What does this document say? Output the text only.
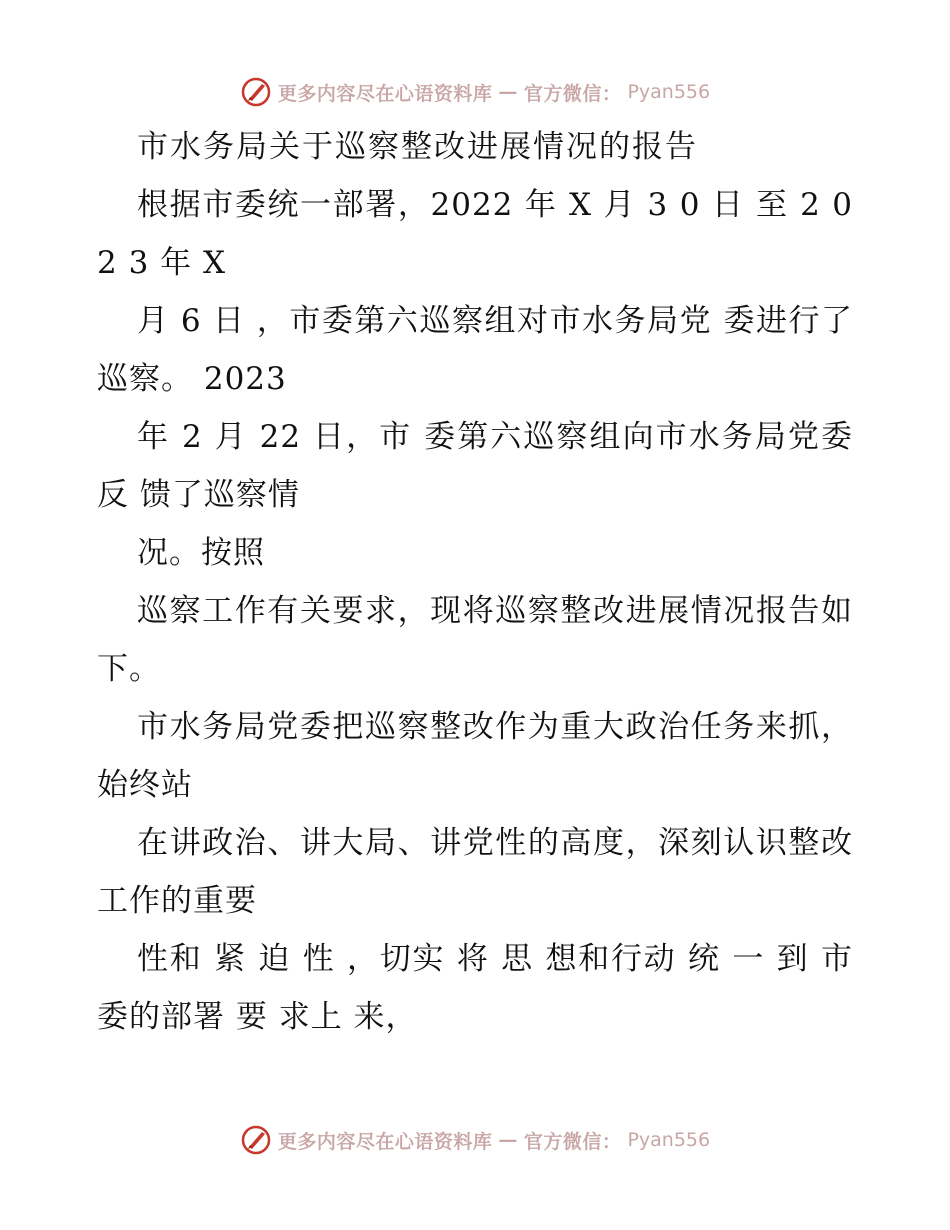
更多内容尽在心语资料库 — 官方微信： Pyan556

市水务局关于巡察整改进展情况的报告

根据市委统一部署，2022 年 X 月 3 0 日 至 2 0 2 3 年 X

月 6 日 ，市委第六巡察组对市水务局党 委进行了巡察。 2023

年 2 月 22 日，市 委第六巡察组向市水务局党委反 馈了巡察情

况。按照

巡察工作有关要求，现将巡察整改进展情况报告如下。

市水务局党委把巡察整改作为重大政治任务来抓，始终站

在讲政治、讲大局、讲党性的高度，深刻认识整改工作的重要

性和 紧 迫 性 ，切实 将 思 想和行动 统 一 到 市 委的部署 要 求上 来，

更多内容尽在心语资料库 — 官方微信： Pyan556
